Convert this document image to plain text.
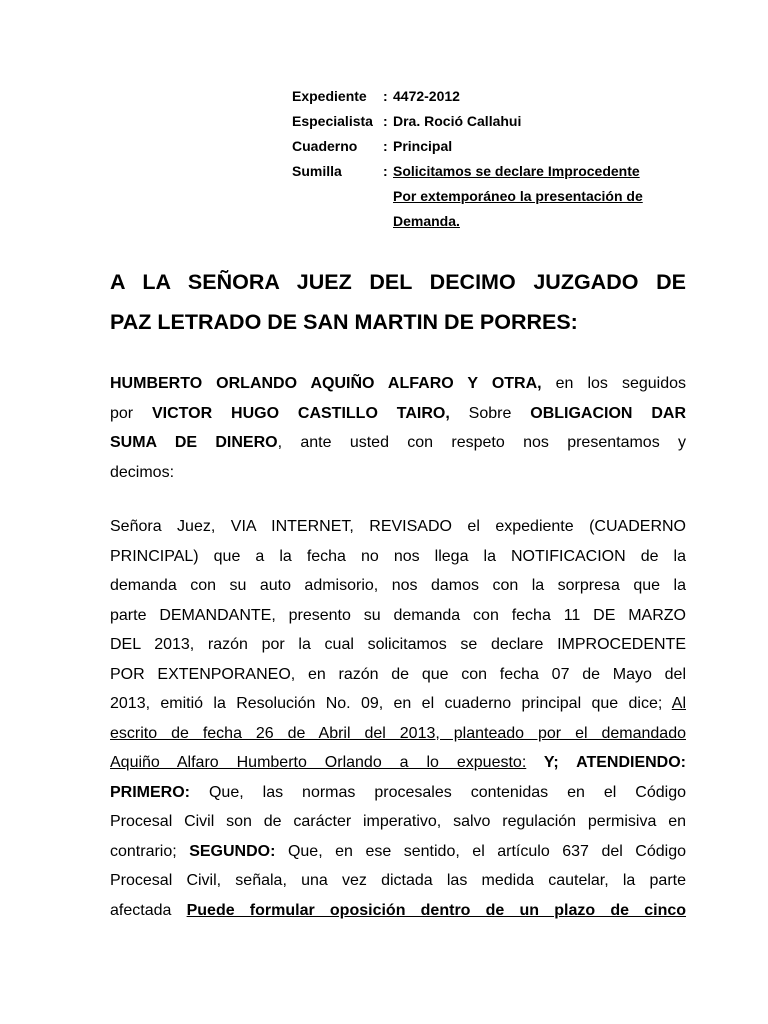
Expediente	: 4472-2012
Especialista : Dra. Roció Callahui
Cuaderno	: Principal
Sumilla	: Solicitamos se declare Improcedente
Por extemporáneo la presentación de
Demanda.
A LA SEÑORA JUEZ DEL DECIMO JUZGADO DE
PAZ LETRADO DE SAN MARTIN DE PORRES:
HUMBERTO ORLANDO AQUIÑO ALFARO Y OTRA, en los seguidos
por VICTOR HUGO CASTILLO TAIRO, Sobre OBLIGACION DAR
SUMA DE DINERO, ante usted con respeto nos presentamos y
decimos:
Señora Juez, VIA INTERNET, REVISADO el expediente (CUADERNO
PRINCIPAL) que a la fecha no nos llega la NOTIFICACION de la
demanda con su auto admisorio, nos damos con la sorpresa que la
parte DEMANDANTE, presento su demanda con fecha 11 DE MARZO
DEL 2013, razón por la cual solicitamos se declare IMPROCEDENTE
POR EXTENPORANEO, en razón de que con fecha 07 de Mayo del
2013, emitió la Resolución No. 09, en el cuaderno principal que dice; Al
escrito de fecha 26 de Abril del 2013, planteado por el demandado
Aquiño Alfaro Humberto Orlando a lo expuesto: Y; ATENDIENDO:
PRIMERO: Que, las normas procesales contenidas en el Código
Procesal Civil son de carácter imperativo, salvo regulación permisiva en
contrario; SEGUNDO: Que, en ese sentido, el artículo 637 del Código
Procesal Civil, señala, una vez dictada las medida cautelar, la parte
afectada Puede formular oposición dentro de un plazo de cinco
